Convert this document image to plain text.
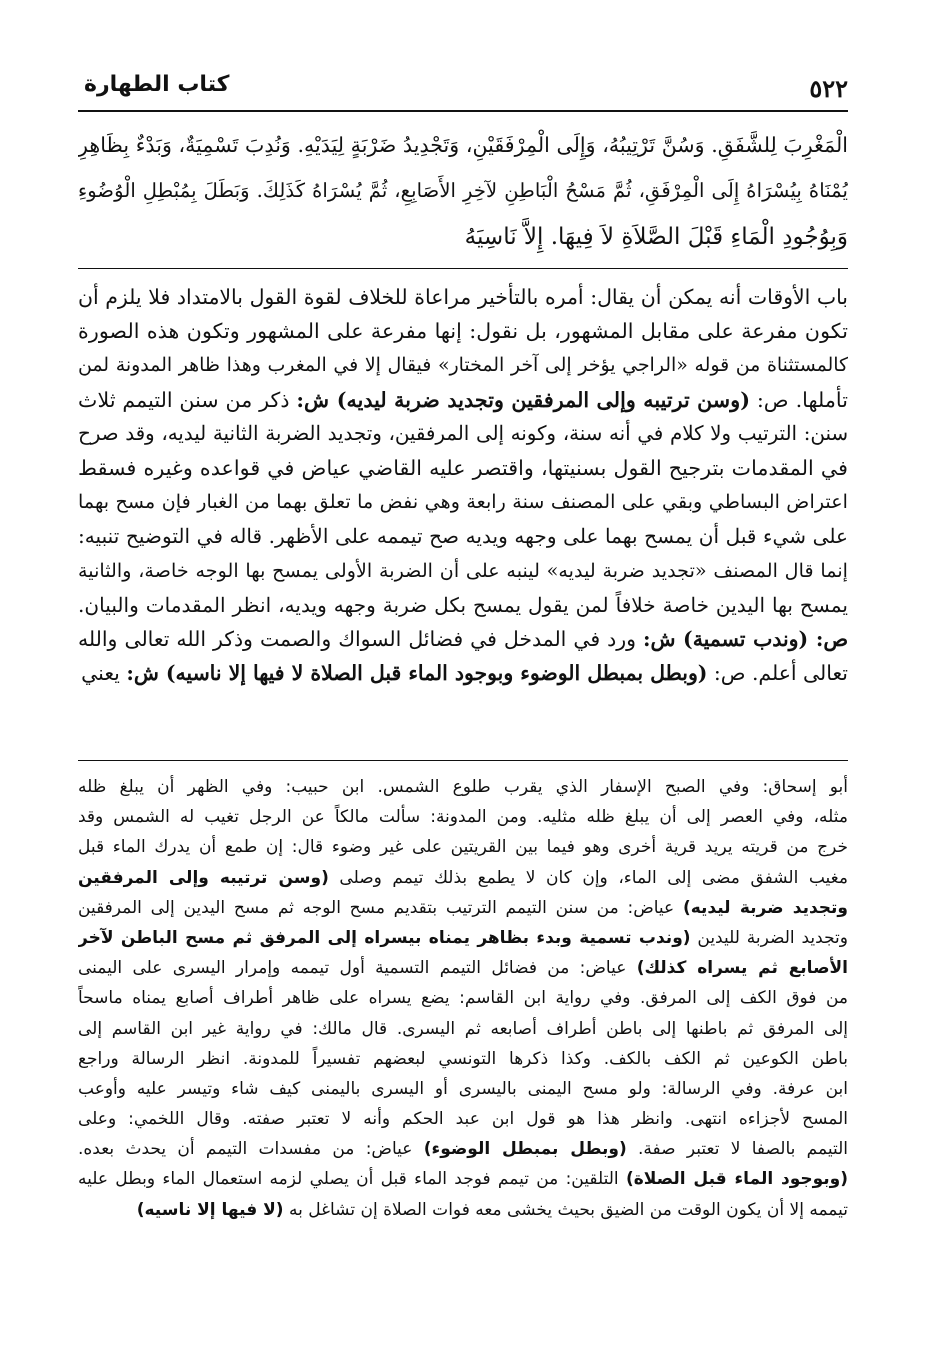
٥٢٢
كتاب الطهارة
الْمَغْرِبَ لِلشَّفَقِ. وَسُنَّ تَرْتِيبُهُ، وَإِلَى الْمِرْفَقَيْنِ، وَتَجْدِيدُ ضَرْبَةٍ لِيَدَيْهِ. وَنُدِبَ تَسْمِيَةٌ، وَبَدْءٌ بِظَاهِرِ
يُمْنَاهُ بِيُسْرَاهُ إِلَى الْمِرْفَقِ، ثُمَّ مَسْحُ الْبَاطِنِ لآخِرِ الأَصَابِعِ، ثُمَّ يُسْرَاهُ كَذَلِكَ. وَبَطَلَ بِمُبْطِلِ الْوُضُوءِ
وَبِوُجُودِ الْمَاءِ قَبْلَ الصَّلاَةِ لاَ فِيهَا. إِلاَّ نَاسِيَهُ
باب الأوقات أنه يمكن أن يقال: أمره بالتأخير مراعاة للخلاف لقوة القول بالامتداد فلا يلزم أن
تكون مفرعة على مقابل المشهور، بل نقول: إنها مفرعة على المشهور وتكون هذه الصورة
كالمستثناة من قوله «الراجي يؤخر إلى آخر المختار» فيقال إلا في المغرب وهذا ظاهر المدونة لمن
تأملها. ص: (وسن ترتيبه وإلى المرفقين وتجديد ضربة ليديه) ش: ذكر من سنن التيمم ثلاث
سنن: الترتيب ولا كلام في أنه سنة، وكونه إلى المرفقين، وتجديد الضربة الثانية ليديه، وقد صرح
في المقدمات بترجيح القول بسنيتها، واقتصر عليه القاضي عياض في قواعده وغيره فسقط
اعتراض البساطي وبقي على المصنف سنة رابعة وهي نفض ما تعلق بهما من الغبار فإن مسح بهما
على شيء قبل أن يمسح بهما على وجهه ويديه صح تيممه على الأظهر. قاله في التوضيح تنبيه:
إنما قال المصنف «تجديد ضربة ليديه» لينبه على أن الضربة الأولى يمسح بها الوجه خاصة، والثانية
يمسح بها اليدين خاصة خلافاً لمن يقول يمسح بكل ضربة وجهه ويديه، انظر المقدمات والبيان.
ص: (وندب تسمية) ش: ورد في المدخل في فضائل السواك والصمت وذكر الله تعالى والله
تعالى أعلم. ص: (وبطل بمبطل الوضوء وبوجود الماء قبل الصلاة لا فيها إلا ناسيه) ش: يعني
أبو إسحاق: وفي الصبح الإسفار الذي يقرب طلوع الشمس. ابن حبيب: وفي الظهر أن يبلغ ظله
مثله، وفي العصر إلى أن يبلغ ظله مثليه. ومن المدونة: سألت مالكاً عن الرجل تغيب له الشمس وقد
خرج من قريته يريد قرية أخرى وهو فيما بين القريتين على غير وضوء قال: إن طمع أن يدرك الماء قبل
مغيب الشفق مضى إلى الماء، وإن كان لا يطمع بذلك تيمم وصلى (وسن ترتيبه وإلى المرفقين
وتجديد ضربة ليديه) عياض: من سنن التيمم الترتيب بتقديم مسح الوجه ثم مسح اليدين إلى المرفقين
وتجديد الضربة لليدين (وندب تسمية وبدء بظاهر يمناه بيسراه إلى المرفق ثم مسح الباطن لآخر
الأصابع ثم يسراه كذلك) عياض: من فضائل التيمم التسمية أول تيممه وإمرار اليسرى على اليمنى
من فوق الكف إلى المرفق. وفي رواية ابن القاسم: يضع يسراه على ظاهر أطراف أصابع يمناه ماسحاً
إلى المرفق ثم باطنها إلى باطن أطراف أصابعه ثم اليسرى. قال مالك: في رواية غير ابن القاسم إلى
باطن الكوعين ثم الكف بالكف. وكذا ذكرها التونسي لبعضهم تفسيراً للمدونة. انظر الرسالة وراجع
ابن عرفة. وفي الرسالة: ولو مسح اليمنى باليسرى أو اليسرى باليمنى كيف شاء وتيسر عليه وأوعب
المسح لأجزاءه انتهى. وانظر هذا هو قول ابن عبد الحكم وأنه لا تعتبر صفته. وقال اللخمي: وعلى
التيمم بالصفا لا تعتبر صفة. (وبطل بمبطل الوضوء) عياض: من مفسدات التيمم أن يحدث بعده.
(وبوجود الماء قبل الصلاة) التلقين: من تيمم فوجد الماء قبل أن يصلي لزمه استعمال الماء وبطل عليه
تيممه إلا أن يكون الوقت من الضيق بحيث يخشى معه فوات الصلاة إن تشاغل به (لا فيها إلا ناسيه)
